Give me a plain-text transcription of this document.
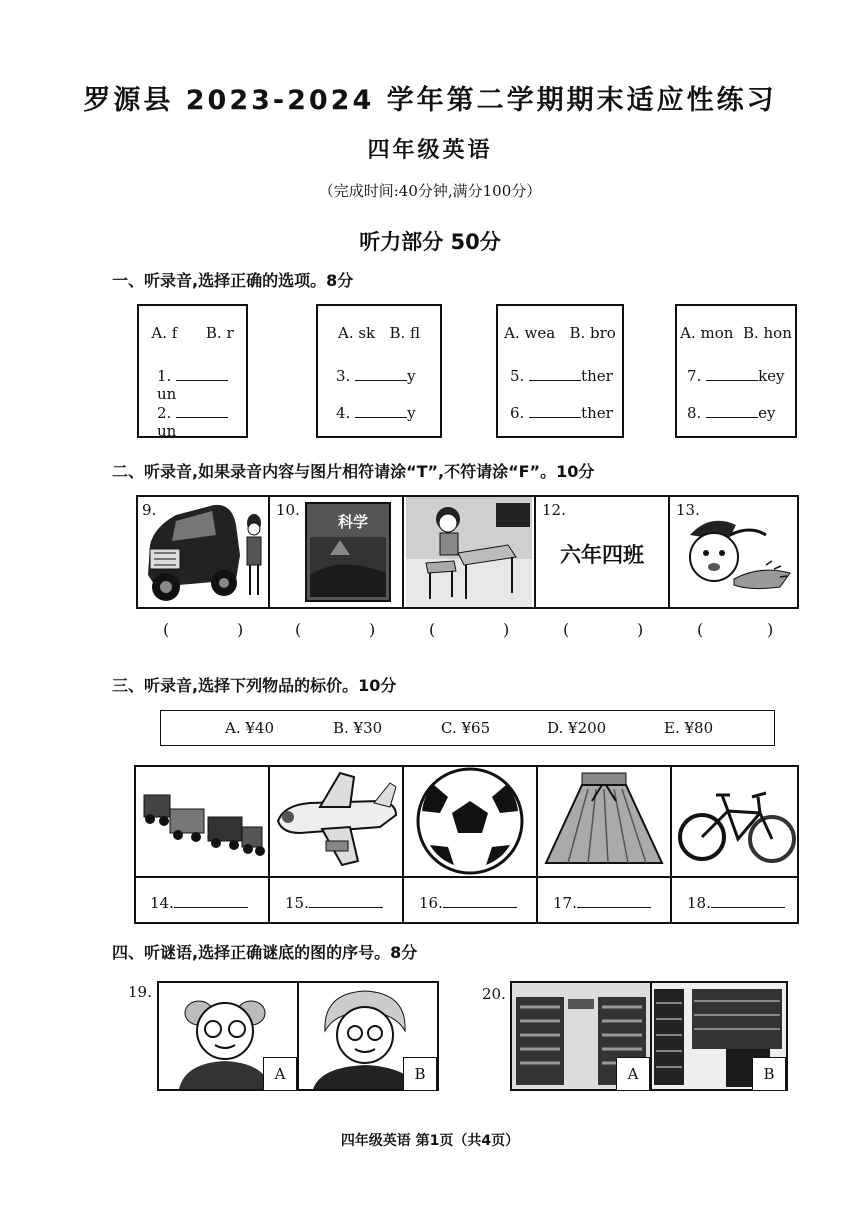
罗源县 2023-2024 学年第二学期期末适应性练习
四年级英语
（完成时间:40分钟,满分100分）
听力部分 50分
一、听录音,选择正确的选项。8分
A. f      B. r
1. un
2. un
A. sk   B. fl
3.	y
4.	y
A. wea   B. bro
5.	ther
6.	ther
A. mon  B. hon
7.	key
8.	ey
二、听录音,如果录音内容与图片相符请涂“T”,不符请涂“F”。10分
9.	10.
科学
12.
六年四班
13.
(	)	(	)	(	)	(	)	(	)
三、听录音,选择下列物品的标价。10分
A. ¥40	B. ¥30	C. ¥65	D. ¥200	E. ¥80
14.	15.	16.	17.	18.
四、听谜语,选择正确谜底的图的序号。8分
19.
A	B
20.
A	B
四年级英语 第1页（共4页）
